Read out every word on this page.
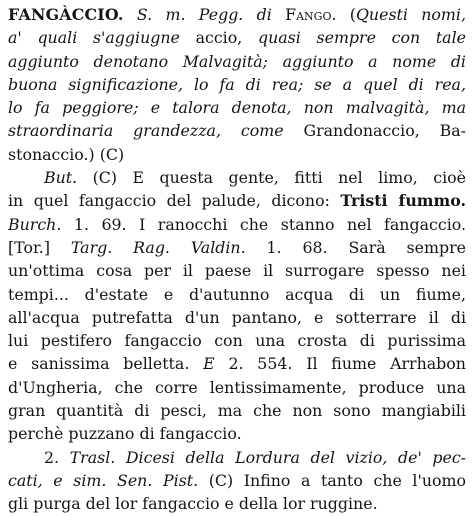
FANGÀCCIO. S. m. Pegg. di Fango. (Questi nomi,
a' quali s'aggiugne accio, quasi sempre con tale
aggiunto denotano Malvagità; aggiunto a nome di
buona significazione, lo fa di rea; se a quel di rea,
lo fa peggiore; e talora denota, non malvagità, ma
straordinaria grandezza, come Grandonaccio, Ba-
stonaccio.) (C)
But. (C) E questa gente, fitti nel limo, cioè
in quel fangaccio del palude, dicono: Tristi fummo.
Burch. 1. 69. I ranocchi che stanno nel fangaccio.
[Tor.] Targ. Rag. Valdin. 1. 68. Sarà sempre
un'ottima cosa per il paese il surrogare spesso nei
tempi... d'estate e d'autunno acqua di un fiume,
all'acqua putrefatta d'un pantano, e sotterrare il di
lui pestifero fangaccio con una crosta di purissima
e sanissima belletta. E 2. 554. Il fiume Arrhabon
d'Ungheria, che corre lentissimamente, produce una
gran quantità di pesci, ma che non sono mangiabili
perchè puzzano di fangaccio.
2. Trasl. Dicesi della Lordura del vizio, de' pec-
cati, e sim. Sen. Pist. (C) Infino a tanto che l'uomo
gli purga del lor fangaccio e della lor ruggine.
